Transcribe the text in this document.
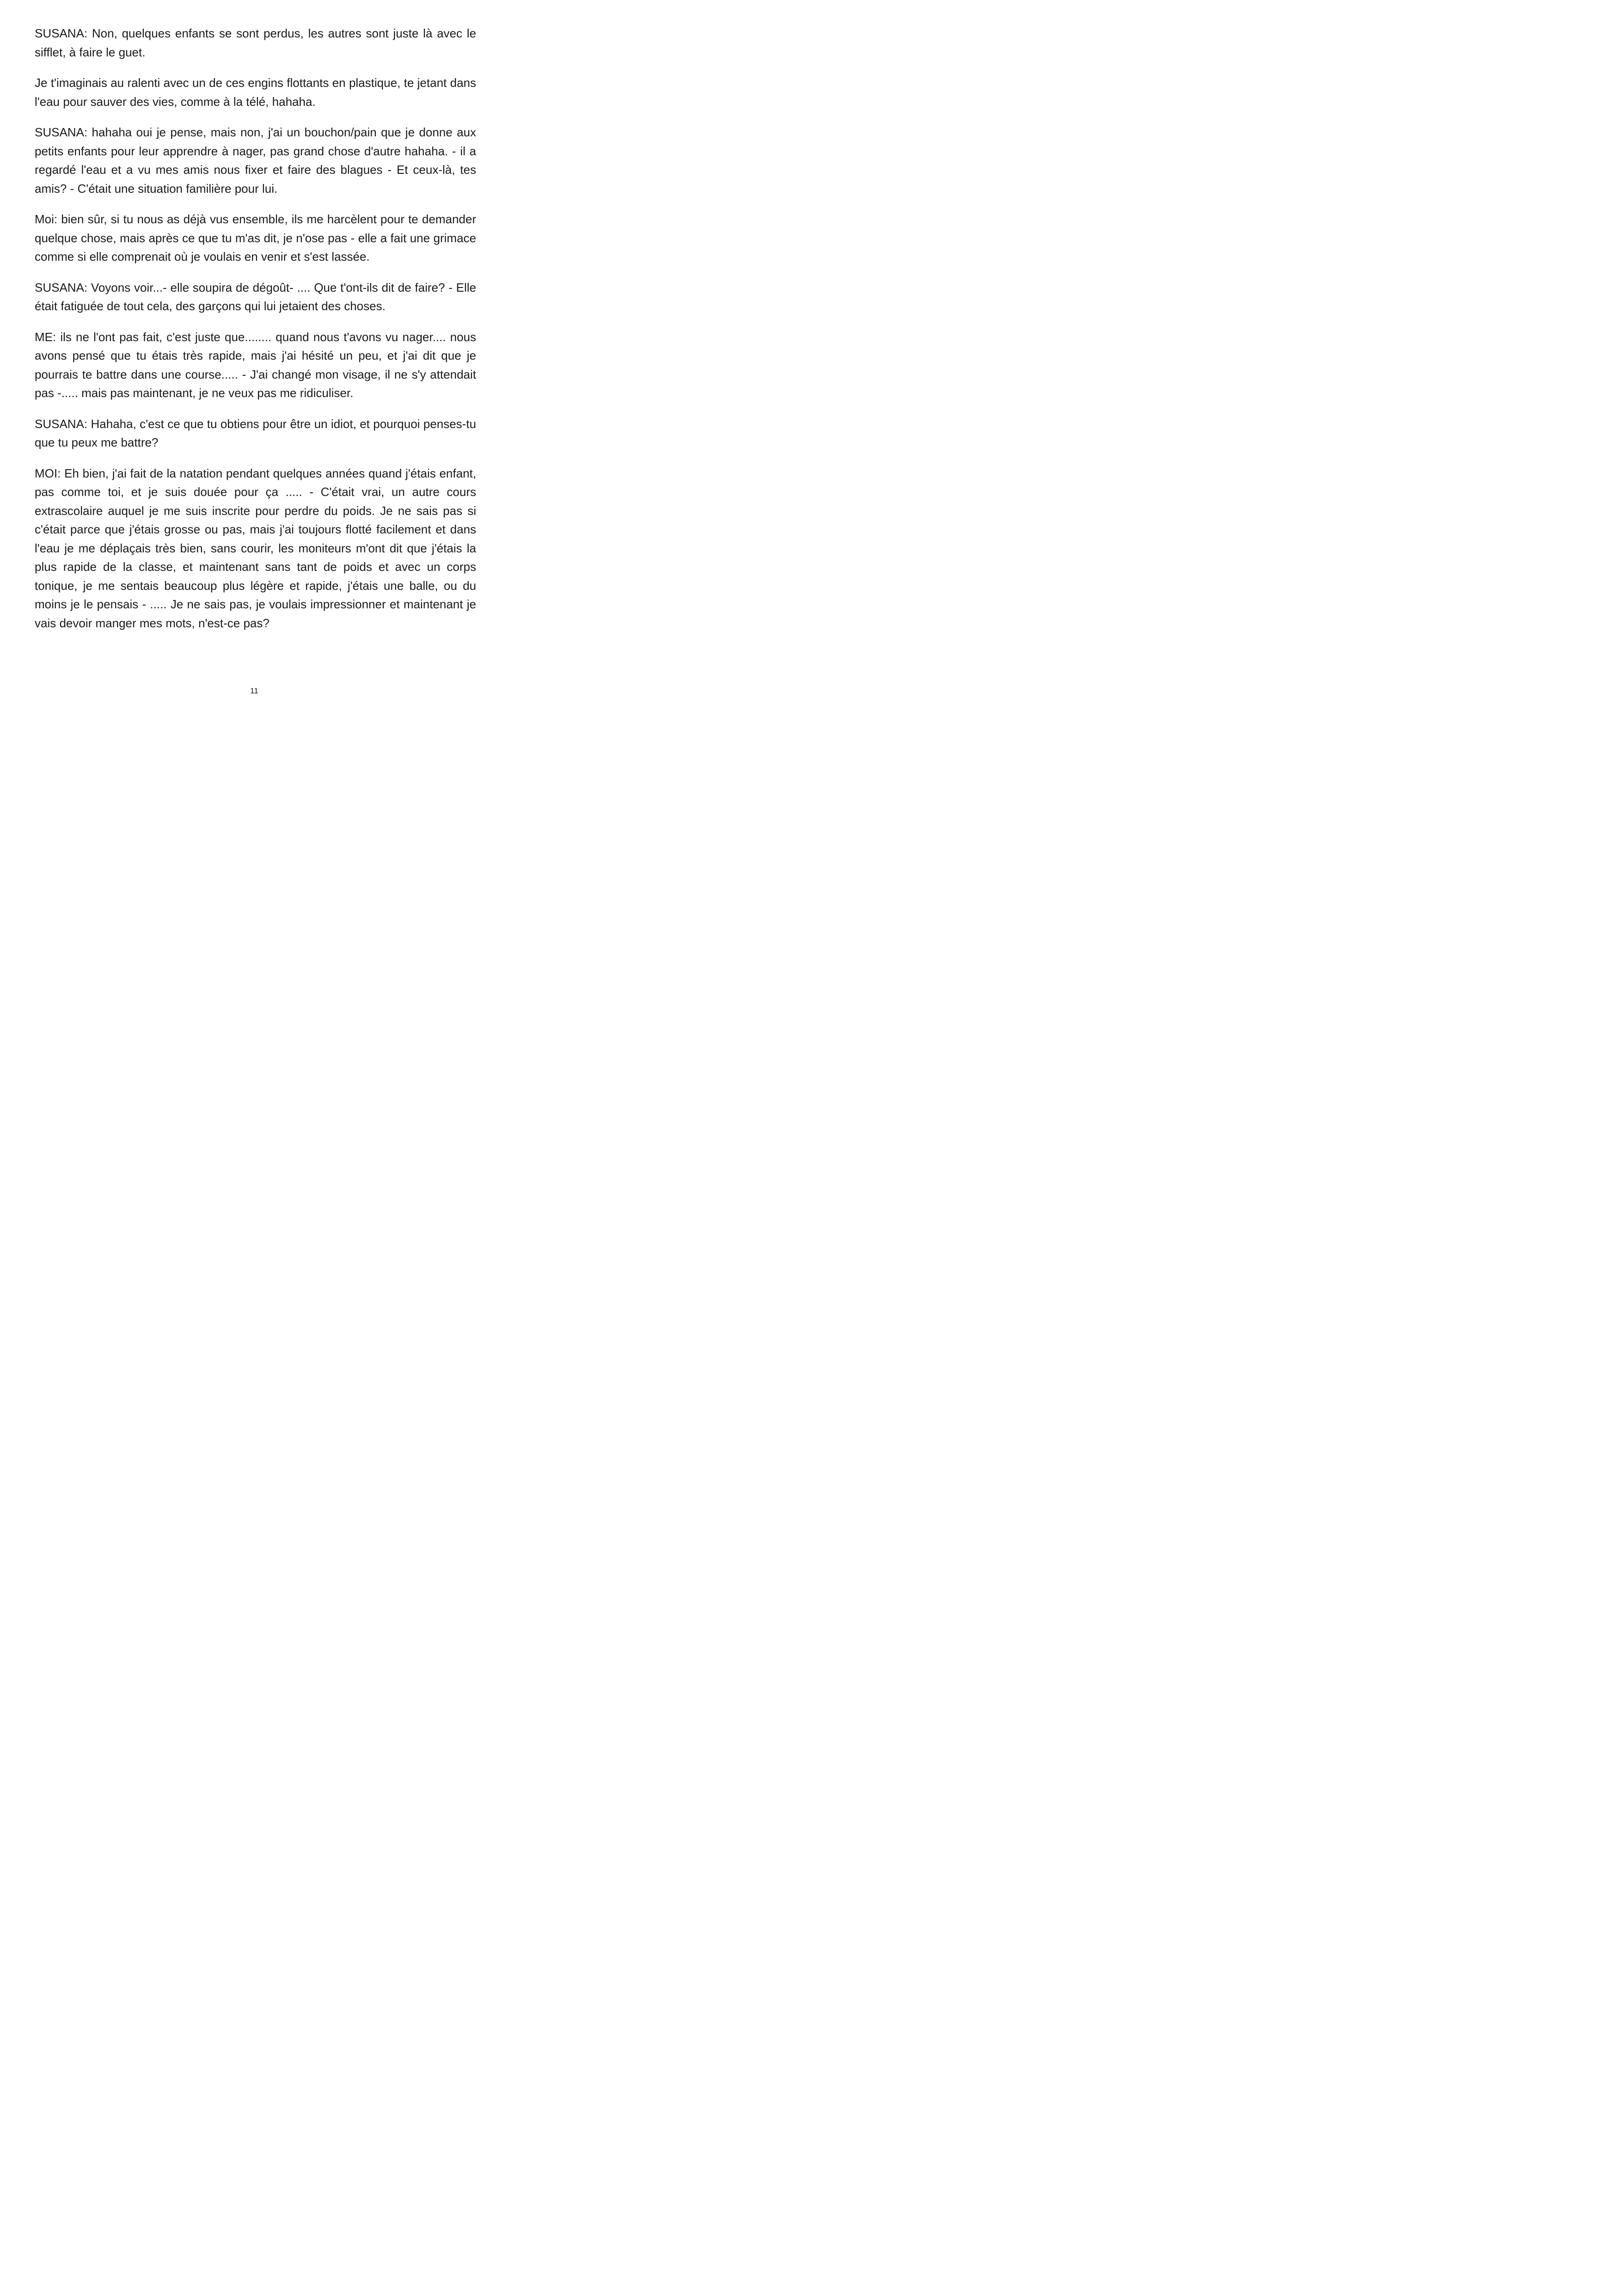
SUSANA: Non, quelques enfants se sont perdus, les autres sont juste là avec le sifflet, à faire le guet.

Je t'imaginais au ralenti avec un de ces engins flottants en plastique, te jetant dans l'eau pour sauver des vies, comme à la télé, hahaha.

SUSANA: hahaha oui je pense, mais non, j'ai un bouchon/pain que je donne aux petits enfants pour leur apprendre à nager, pas grand chose d'autre hahaha. - il a regardé l'eau et a vu mes amis nous fixer et faire des blagues - Et ceux-là, tes amis? - C'était une situation familière pour lui.

Moi: bien sûr, si tu nous as déjà vus ensemble, ils me harcèlent pour te demander quelque chose, mais après ce que tu m'as dit, je n'ose pas - elle a fait une grimace comme si elle comprenait où je voulais en venir et s'est lassée.

SUSANA: Voyons voir...- elle soupira de dégoût- .... Que t'ont-ils dit de faire? - Elle était fatiguée de tout cela, des garçons qui lui jetaient des choses.

ME: ils ne l'ont pas fait, c'est juste que........ quand nous t'avons vu nager.... nous avons pensé que tu étais très rapide, mais j'ai hésité un peu, et j'ai dit que je pourrais te battre dans une course..... - J'ai changé mon visage, il ne s'y attendait pas -..... mais pas maintenant, je ne veux pas me ridiculiser.

SUSANA: Hahaha, c'est ce que tu obtiens pour être un idiot, et pourquoi penses-tu que tu peux me battre?

MOI: Eh bien, j'ai fait de la natation pendant quelques années quand j'étais enfant, pas comme toi, et je suis douée pour ça ..... - C'était vrai, un autre cours extrascolaire auquel je me suis inscrite pour perdre du poids. Je ne sais pas si c'était parce que j'étais grosse ou pas, mais j'ai toujours flotté facilement et dans l'eau je me déplaçais très bien, sans courir, les moniteurs m'ont dit que j'étais la plus rapide de la classe, et maintenant sans tant de poids et avec un corps tonique, je me sentais beaucoup plus légère et rapide, j'étais une balle, ou du moins je le pensais - ..... Je ne sais pas, je voulais impressionner et maintenant je vais devoir manger mes mots, n'est-ce pas?

11
